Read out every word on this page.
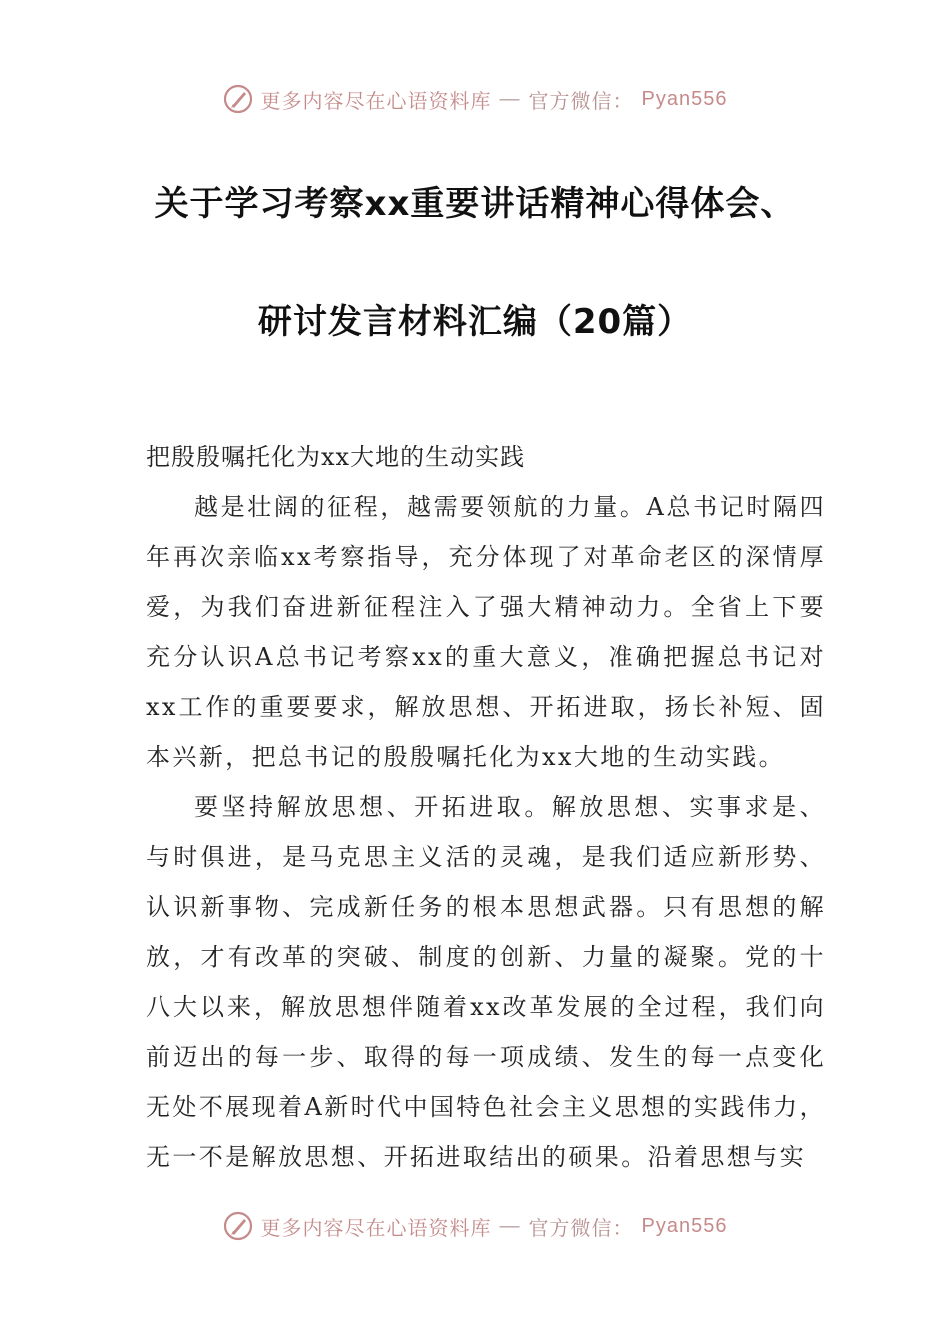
更多内容尽在心语资料库 — 官方微信： Pyan556
关于学习考察xx重要讲话精神心得体会、
研讨发言材料汇编（20篇）

把殷殷嘱托化为xx大地的生动实践

越是壮阔的征程，越需要领航的力量。A总书记时隔四年再次亲临xx考察指导，充分体现了对革命老区的深情厚爱，为我们奋进新征程注入了强大精神动力。全省上下要充分认识A总书记考察xx的重大意义，准确把握总书记对xx工作的重要要求，解放思想、开拓进取，扬长补短、固本兴新，把总书记的殷殷嘱托化为xx大地的生动实践。

要坚持解放思想、开拓进取。解放思想、实事求是、与时俱进，是马克思主义活的灵魂，是我们适应新形势、认识新事物、完成新任务的根本思想武器。只有思想的解放，才有改革的突破、制度的创新、力量的凝聚。党的十八大以来，解放思想伴随着xx改革发展的全过程，我们向前迈出的每一步、取得的每一项成绩、发生的每一点变化无处不展现着A新时代中国特色社会主义思想的实践伟力，无一不是解放思想、开拓进取结出的硕果。沿着思想与实

更多内容尽在心语资料库 — 官方微信： Pyan556
